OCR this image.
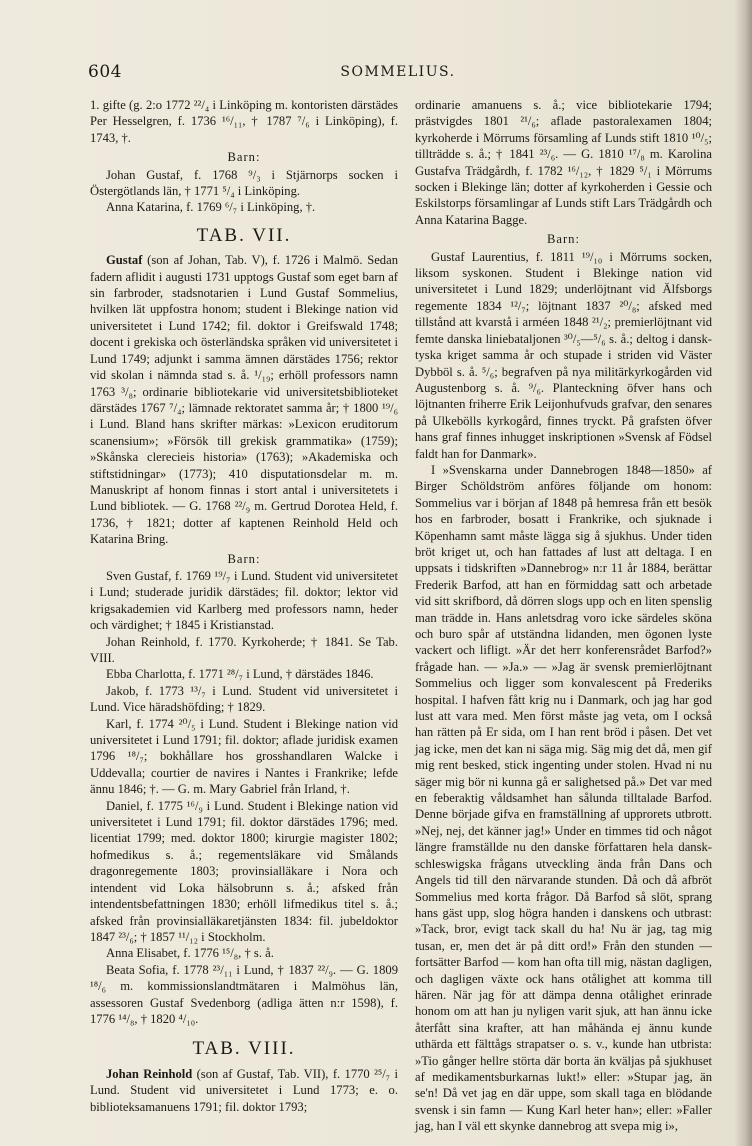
604	SOMMELIUS.

1. gifte (g. 2:o 1772 ²²/₄ i Linköping m. kontoristen därstädes Per Hesselgren, f. 1736 ¹⁶/₁₁, † 1787 ⁷/₆ i Linköping), f. 1743, †.

Barn:

Johan Gustaf, f. 1768 ⁹/₃ i Stjärnorps socken i Östergötlands län, † 1771 ⁵/₄ i Linköping.

Anna Katarina, f. 1769 ⁶/₇ i Linköping, †.

TAB. VII.

Gustaf (son af Johan, Tab. V), f. 1726 i Malmö. Sedan fadern aflidit i augusti 1731 upptogs Gustaf som eget barn af sin farbroder, stadsnotarien i Lund Gustaf Sommelius, hvilken lät uppfostra honom; student i Blekinge nation vid universitetet i Lund 1742; fil. doktor i Greifswald 1748; docent i grekiska och österländska språken vid universitetet i Lund 1749; adjunkt i samma ämnen därstädes 1756; rektor vid skolan i nämnda stad s. å. ¹/₁₉; erhöll professors namn 1763 ³/₈; ordinarie bibliotekarie vid universitetsbiblioteket därstädes 1767 ⁷/₄; lämnade rektoratet samma år; † 1800 ¹⁹/₆ i Lund. Bland hans skrifter märkas: »Lexicon eruditorum scanensium»; »Försök till grekisk grammatika» (1759); »Skånska clerecieis historia» (1763); »Akademiska och stiftstidningar» (1773); 410 disputationsdelar m. m. Manuskript af honom finnas i stort antal i universitetets i Lund bibliotek. — G. 1768 ²²/₉ m. Gertrud Dorotea Held, f. 1736, † 1821; dotter af kaptenen Reinhold Held och Katarina Bring.

Barn:

Sven Gustaf, f. 1769 ¹⁹/₇ i Lund. Student vid universitetet i Lund; studerade juridik därstädes; fil. doktor; lektor vid krigsakademien vid Karlberg med professors namn, heder och värdighet; † 1845 i Kristianstad.

Johan Reinhold, f. 1770. Kyrkoherde; † 1841. Se Tab. VIII.

Ebba Charlotta, f. 1771 ²⁸/₇ i Lund, † därstädes 1846.

Jakob, f. 1773 ¹³/₇ i Lund. Student vid universitetet i Lund. Vice häradshöfding; † 1829.

Karl, f. 1774 ²⁰/₅ i Lund. Student i Blekinge nation vid universitetet i Lund 1791; fil. doktor; aflade juridisk examen 1796 ¹⁸/₇; bokhållare hos grosshandlaren Walcke i Uddevalla; courtier de navires i Nantes i Frankrike; lefde ännu 1846; †. — G. m. Mary Gabriel från Irland, †.

Daniel, f. 1775 ¹⁶/₉ i Lund. Student i Blekinge nation vid universitetet i Lund 1791; fil. doktor därstädes 1796; med. licentiat 1799; med. doktor 1800; kirurgie magister 1802; hofmedikus s. å.; regementsläkare vid Smålands dragonregemente 1803; provinsialläkare i Nora och intendent vid Loka hälsobrunn s. å.; afsked från intendentsbefattningen 1830; erhöll lifmedikus titel s. å.; afsked från provinsialläkaretjänsten 1834: fil. jubeldoktor 1847 ²³/₆; † 1857 ¹¹/₁₂ i Stockholm.

Anna Elisabet, f. 1776 ¹⁵/₈, † s. å.

Beata Sofia, f. 1778 ²³/₁₁ i Lund, † 1837 ²²/₉. — G. 1809 ¹⁸/₆ m. kommissionslandtmätaren i Malmöhus län, assessoren Gustaf Svedenborg (adliga ätten n:r 1598), f. 1776 ¹⁴/₈, † 1820 ⁴/₁₀.

TAB. VIII.

Johan Reinhold (son af Gustaf, Tab. VII), f. 1770 ²⁵/₇ i Lund. Student vid universitetet i Lund 1773; e. o. biblioteksamanuens 1791; fil. doktor 1793;

ordinarie amanuens s. å.; vice bibliotekarie 1794; prästvigdes 1801 ²¹/₆; aflade pastoralexamen 1804; kyrkoherde i Mörrums församling af Lunds stift 1810 ¹⁰/₅; tillträdde s. å.; † 1841 ²³/₆. — G. 1810 ¹⁷/₈ m. Karolina Gustafva Trädgårdh, f. 1782 ¹⁶/₁₂, † 1829 ⁵/₁ i Mörrums socken i Blekinge län; dotter af kyrkoherden i Gessie och Eskilstorps församlingar af Lunds stift Lars Trädgårdh och Anna Katarina Bagge.

Barn:

Gustaf Laurentius, f. 1811 ¹⁹/₁₀ i Mörrums socken, liksom syskonen. Student i Blekinge nation vid universitetet i Lund 1829; underlöjtnant vid Älfsborgs regemente 1834 ¹²/₇; löjtnant 1837 ²⁰/₈; afsked med tillstånd att kvarstå i arméen 1848 ²¹/₂; premierlöjtnant vid femte danska liniebataljonen ³⁰/₅—⁵/₆ s. å.; deltog i dansk-tyska kriget samma år och stupade i striden vid Väster Dybböl s. å. ⁵/₆; begrafven på nya militärkyrkogården vid Augustenborg s. å. ⁹/₆. Planteckning öfver hans och löjtnanten friherre Erik Leijonhufvuds grafvar, den senares på Ulkebölls kyrkogård, finnes tryckt. På grafsten öfver hans graf finnes inhugget inskriptionen »Svensk af Födsel faldt han for Danmark».

I »Svenskarna under Dannebrogen 1848—1850» af Birger Schöldström anföres följande om honom: Sommelius var i början af 1848 på hemresa från ett besök hos en farbroder, bosatt i Frankrike, och sjuknade i Köpenhamn samt måste lägga sig å sjukhus. Under tiden bröt kriget ut, och han fattades af lust att deltaga. I en uppsats i tidskriften »Dannebrog» n:r 11 år 1884, berättar Frederik Barfod, att han en förmiddag satt och arbetade vid sitt skrifbord, då dörren slogs upp och en liten spenslig man trädde in. Hans anletsdrag voro icke särdeles sköna och buro spår af utständna lidanden, men ögonen lyste vackert och lifligt. »Är det herr konferensrådet Barfod?» frågade han. — »Ja.» — »Jag är svensk premierlöjtnant Sommelius och ligger som konvalescent på Frederiks hospital. I hafven fått krig nu i Danmark, och jag har god lust att vara med. Men först måste jag veta, om I också han rätten på Er sida, om I han rent bröd i påsen. Det vet jag icke, men det kan ni säga mig. Säg mig det då, men gif mig rent besked, stick ingenting under stolen. Hvad ni nu säger mig bör ni kunna gå er salighetsed på.» Det var med en feberaktig våldsamhet han sålunda tilltalade Barfod. Denne började gifva en framställning af upprorets utbrott. »Nej, nej, det känner jag!» Under en timmes tid och något längre framställde nu den danske författaren hela dansk-schleswigska frågans utveckling ända från Dans och Angels tid till den närvarande stunden. Då och då afbröt Sommelius med korta frågor. Då Barfod så slöt, sprang hans gäst upp, slog högra handen i danskens och utbrast: »Tack, bror, evigt tack skall du ha! Nu är jag, tag mig tusan, er, men det är på ditt ord!» Från den stunden — fortsätter Barfod — kom han ofta till mig, nästan dagligen, och dagligen växte ock hans otålighet att komma till hären. När jag för att dämpa denna otålighet erinrade honom om att han ju nyligen varit sjuk, att han ännu icke återfått sina krafter, att han måhända ej ännu kunde uthärda ett fälttågs strapatser o. s. v., kunde han utbrista: »Tio gånger hellre störta där borta än kväljas på sjukhuset af medikamentsburkarnas lukt!» eller: »Stupar jag, än se'n! Då vet jag en där uppe, som skall taga en blödande svensk i sin famn — Kung Karl heter han»; eller: »Faller jag, han I väl ett skynke dannebrog att svepa mig i»,
